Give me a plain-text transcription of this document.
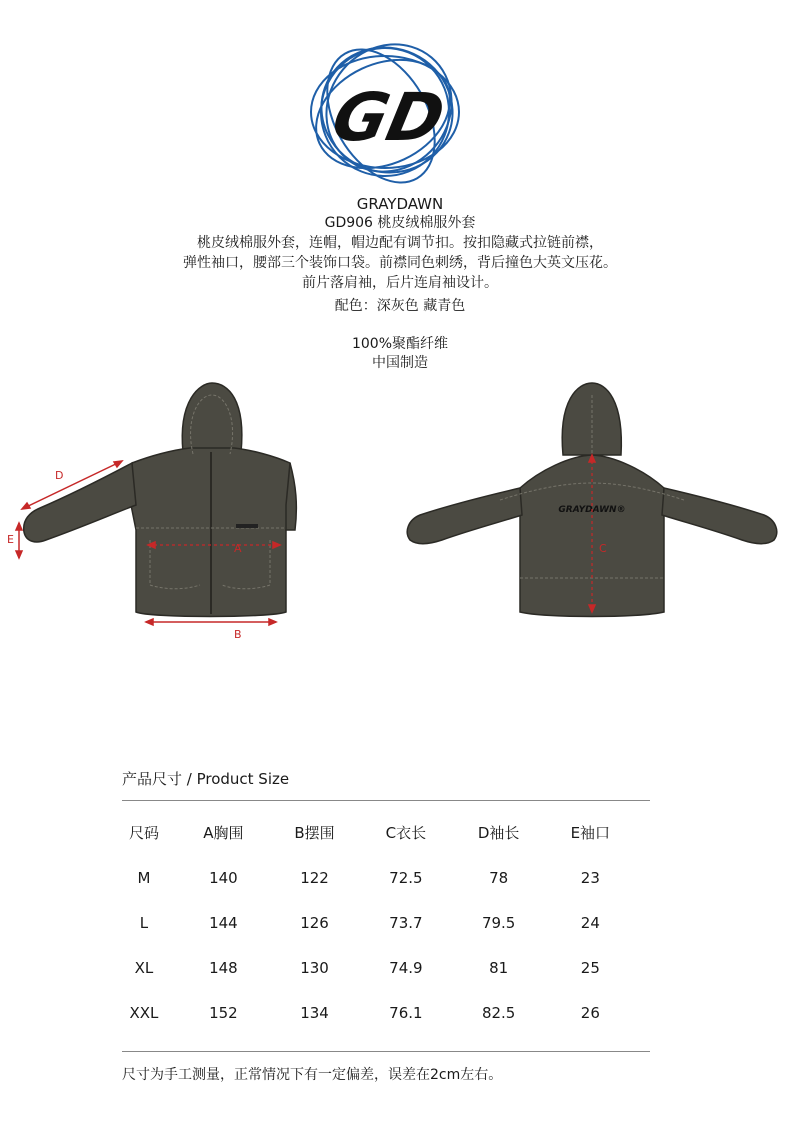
GD
GRAYDAWN
GD906 桃皮绒棉服外套
桃皮绒棉服外套，连帽，帽边配有调节扣。按扣隐藏式拉链前襟，
弹性袖口，腰部三个装饰口袋。前襟同色刺绣，背后撞色大英文压花。
前片落肩袖，后片连肩袖设计。
配色：深灰色 藏青色
100%聚酯纤维
中国制造
D
E
A
B
GRAYDAWN®
C
产品尺寸 / Product Size
尺码	A胸围	B摆围	C衣长	D袖长	E袖口
M	140	122	72.5	78	23
L	144	126	73.7	79.5	24
XL	148	130	74.9	81	25
XXL	152	134	76.1	82.5	26
尺寸为手工测量，正常情况下有一定偏差，误差在2cm左右。
